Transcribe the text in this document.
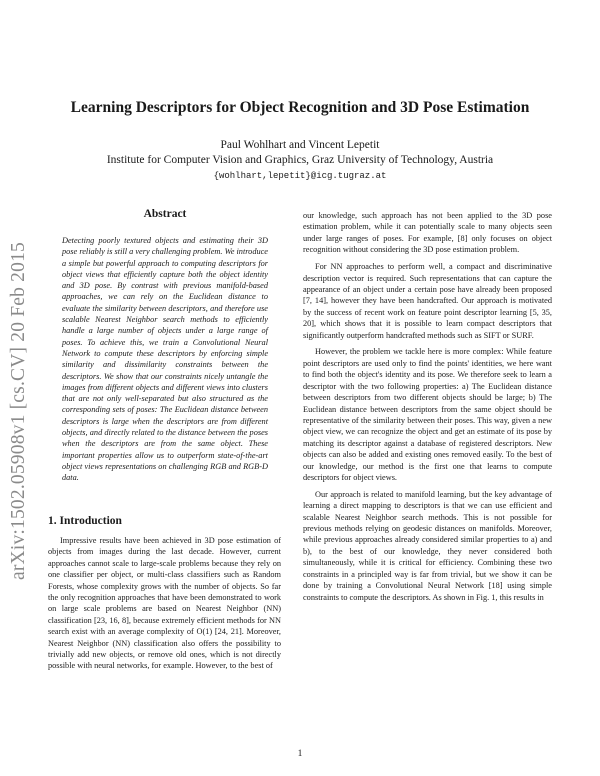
arXiv:1502.05908v1 [cs.CV] 20 Feb 2015
Learning Descriptors for Object Recognition and 3D Pose Estimation
Paul Wohlhart and Vincent Lepetit
Institute for Computer Vision and Graphics, Graz University of Technology, Austria
{wohlhart,lepetit}@icg.tugraz.at
Abstract

Detecting poorly textured objects and estimating their 3D pose reliably is still a very challenging problem. We introduce a simple but powerful approach to computing descriptors for object views that efficiently capture both the object identity and 3D pose. By contrast with previous manifold-based approaches, we can rely on the Euclidean distance to evaluate the similarity between descriptors, and therefore use scalable Nearest Neighbor search methods to efficiently handle a large number of objects under a large range of poses. To achieve this, we train a Convolutional Neural Network to compute these descriptors by enforcing simple similarity and dissimilarity constraints between the descriptors. We show that our constraints nicely untangle the images from different objects and different views into clusters that are not only well-separated but also structured as the corresponding sets of poses: The Euclidean distance between descriptors is large when the descriptors are from different objects, and directly related to the distance between the poses when the descriptors are from the same object. These important properties allow us to outperform state-of-the-art object views representations on challenging RGB and RGB-D data.

1. Introduction

Impressive results have been achieved in 3D pose estimation of objects from images during the last decade. However, current approaches cannot scale to large-scale problems because they rely on one classifier per object, or multi-class classifiers such as Random Forests, whose complexity grows with the number of objects. So far the only recognition approaches that have been demonstrated to work on large scale problems are based on Nearest Neighbor (NN) classification [23, 16, 8], because extremely efficient methods for NN search exist with an average complexity of O(1) [24, 21]. Moreover, Nearest Neighbor (NN) classification also offers the possibility to trivially add new objects, or remove old ones, which is not directly possible with neural networks, for example. However, to the best of

our knowledge, such approach has not been applied to the 3D pose estimation problem, while it can potentially scale to many objects seen under large ranges of poses. For example, [8] only focuses on object recognition without considering the 3D pose estimation problem.

For NN approaches to perform well, a compact and discriminative description vector is required. Such representations that can capture the appearance of an object under a certain pose have already been proposed [7, 14], however they have been handcrafted. Our approach is motivated by the success of recent work on feature point descriptor learning [5, 35, 20], which shows that it is possible to learn compact descriptors that significantly outperform handcrafted methods such as SIFT or SURF.

However, the problem we tackle here is more complex: While feature point descriptors are used only to find the points' identities, we here want to find both the object's identity and its pose. We therefore seek to learn a descriptor with the two following properties: a) The Euclidean distance between descriptors from two different objects should be large; b) The Euclidean distance between descriptors from the same object should be representative of the similarity between their poses. This way, given a new object view, we can recognize the object and get an estimate of its pose by matching its descriptor against a database of registered descriptors. New objects can also be added and existing ones removed easily. To the best of our knowledge, our method is the first one that learns to compute descriptors for object views.

Our approach is related to manifold learning, but the key advantage of learning a direct mapping to descriptors is that we can use efficient and scalable Nearest Neighbor search methods. This is not possible for previous methods relying on geodesic distances on manifolds. Moreover, while previous approaches already considered similar properties to a) and b), to the best of our knowledge, they never considered both simultaneously, while it is critical for efficiency. Combining these two constraints in a principled way is far from trivial, but we show it can be done by training a Convolutional Neural Network [18] using simple constraints to compute the descriptors. As shown in Fig. 1, this results in

1
